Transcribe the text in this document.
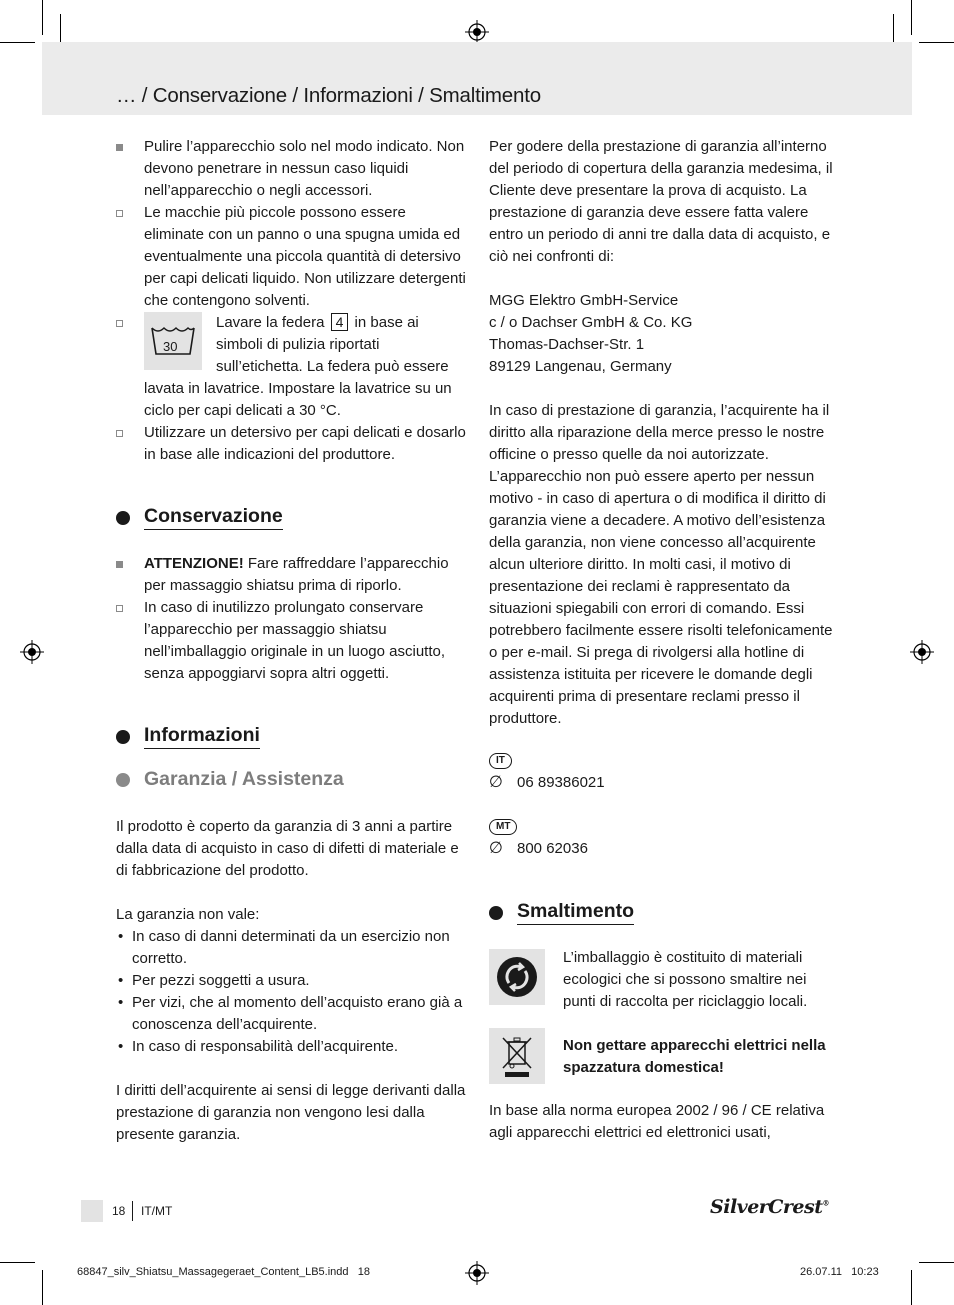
… / Conservazione / Informazioni / Smaltimento

Pulire l’apparecchio solo nel modo indicato. Non devono penetrare in nessun caso liquidi nell’apparecchio o negli accessori.

Le macchie più piccole possono essere eliminate con un panno o una spugna umida ed eventualmente una piccola quantità di detersivo per capi delicati liquido. Non utilizzare detergenti che contengono solventi.

30

Lavare la federa 4 in base ai simboli di pulizia riportati sull’etichetta. La federa può essere lavata in lavatrice. Impostare la lavatrice su un ciclo per capi delicati a 30 °C.

Utilizzare un detersivo per capi delicati e dosarlo in base alle indicazioni del produttore.

Conservazione

ATTENZIONE! Fare raffreddare l’apparecchio per massaggio shiatsu prima di riporlo.

In caso di inutilizzo prolungato conservare l’apparecchio per massaggio shiatsu nell’imballaggio originale in un luogo asciutto, senza appoggiarvi sopra altri oggetti.

Informazioni
Garanzia / Assistenza

Il prodotto è coperto da garanzia di 3 anni a partire dalla data di acquisto in caso di difetti di materiale e di fabbricazione del prodotto.

La garanzia non vale:

• In caso di danni determinati da un esercizio non corretto.
• Per pezzi soggetti a usura.
• Per vizi, che al momento dell’acquisto erano già a conoscenza dell’acquirente.
• In caso di responsabilità dell’acquirente.

I diritti dell’acquirente ai sensi di legge derivanti dalla prestazione di garanzia non vengono lesi dalla presente garanzia.

Per godere della prestazione di garanzia all’interno del periodo di copertura della garanzia medesima, il Cliente deve presentare la prova di acquisto. La prestazione di garanzia deve essere fatta valere entro un periodo di anni tre dalla data di acquisto, e ciò nei confronti di:

MGG Elektro GmbH-Service

c / o Dachser GmbH & Co. KG

Thomas-Dachser-Str. 1

89129 Langenau, Germany

In caso di prestazione di garanzia, l’acquirente ha il diritto alla riparazione della merce presso le nostre officine o presso quelle da noi autorizzate. L’apparecchio non può essere aperto per nessun motivo - in caso di apertura o di modifica il diritto di garanzia viene a decadere. A motivo dell’esistenza della garanzia, non viene concesso all’acquirente alcun ulteriore diritto. In molti casi, il motivo di presentazione dei reclami è rappresentato da situazioni spiegabili con errori di comando. Essi potrebbero facilmente essere risolti telefonicamente o per e-mail. Si prega di rivolgersi alla hotline di assistenza istituita per ricevere le domande degli acquirenti prima di presentare reclami presso il produttore.

IT
∅ 06 89386021
MT
∅ 800 62036
Smaltimento
L’imballaggio è costituito di materiali ecologici che si possono smaltire nei punti di raccolta per riciclaggio locali.
Non gettare apparecchi elettrici nella spazzatura domestica!
In base alla norma europea 2002 / 96 / CE relativa agli apparecchi elettrici ed elettronici usati,
18 IT/MT	SilverCrest®
68847_silv_Shiatsu_Massagegeraet_Content_LB5.indd   18	26.07.11   10:23
